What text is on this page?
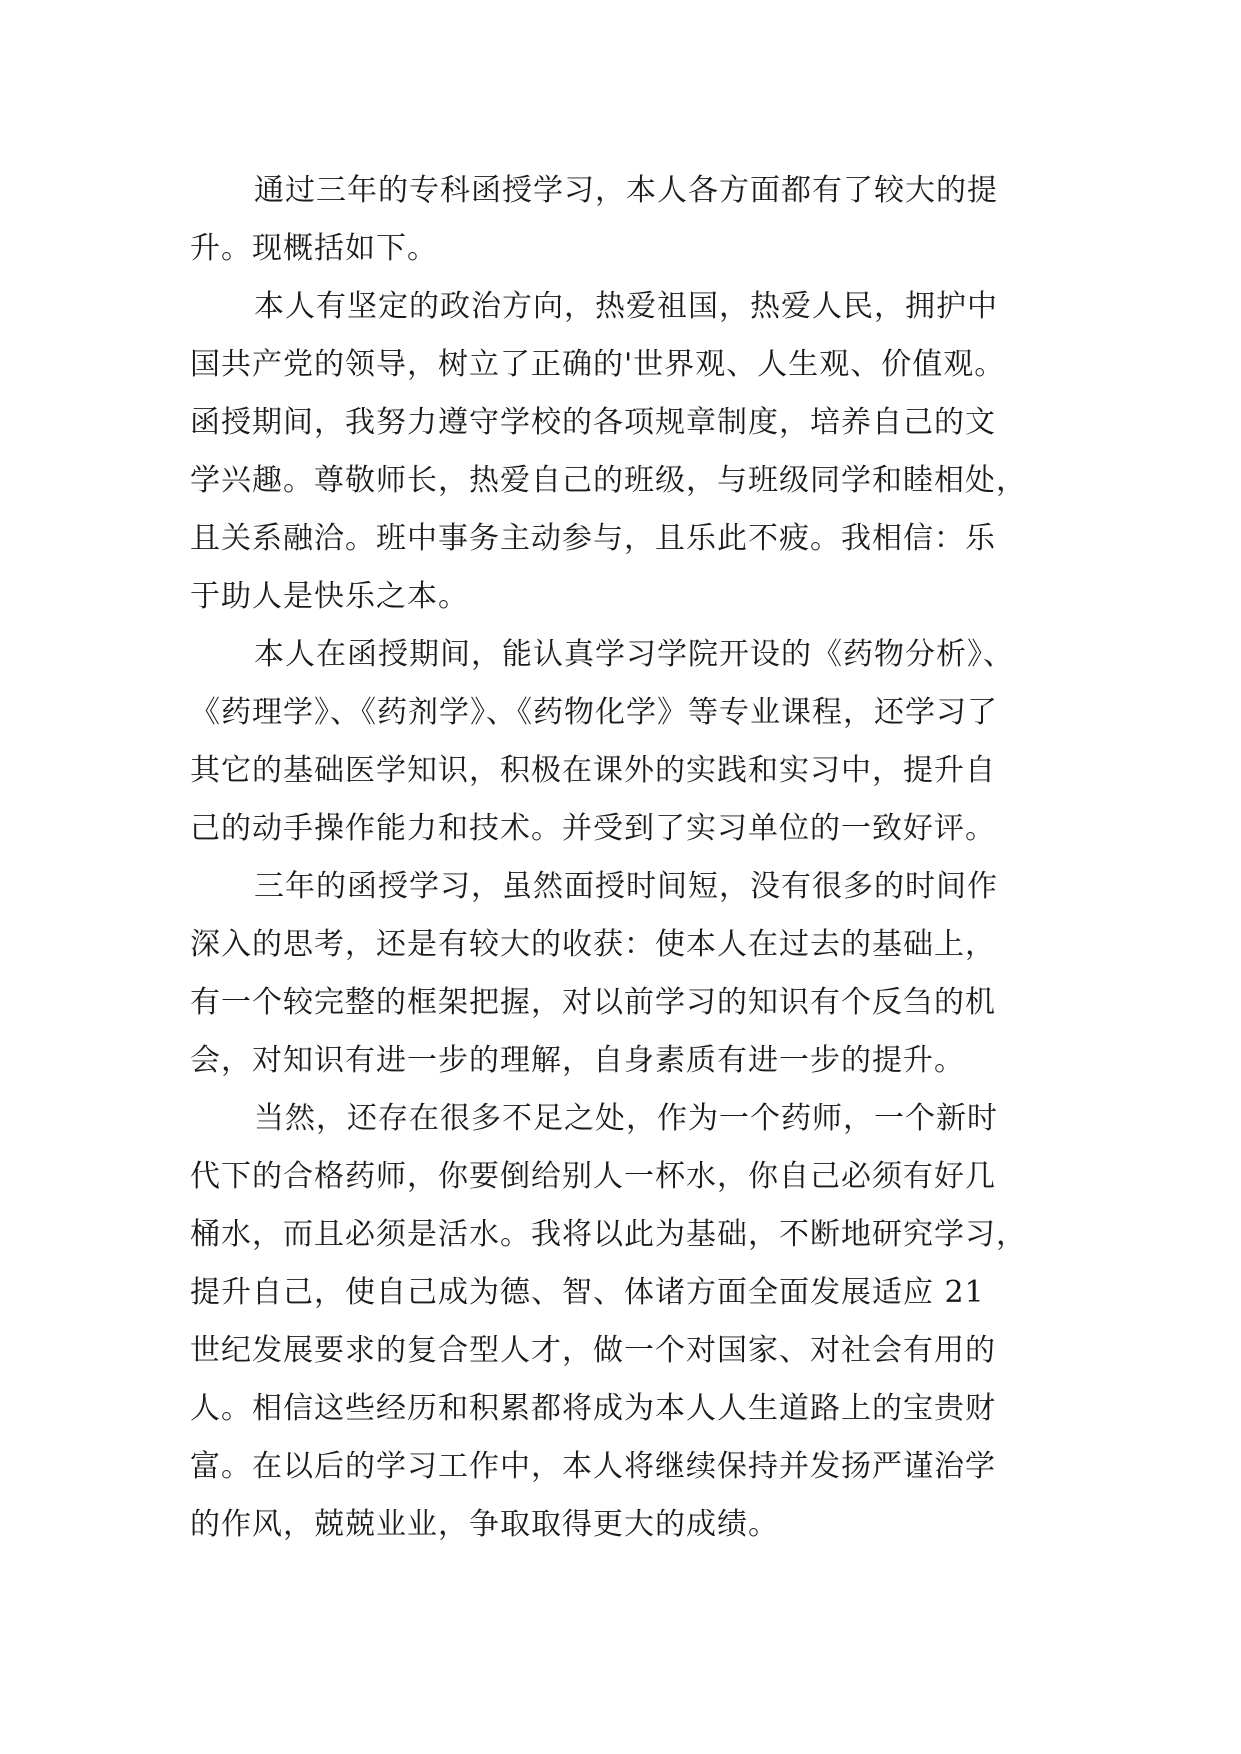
通过三年的专科函授学习，本人各方面都有了较大的提
升。现概括如下。
本人有坚定的政治方向，热爱祖国，热爱人民，拥护中
国共产党的领导，树立了正确的'世界观、人生观、价值观。
函授期间，我努力遵守学校的各项规章制度，培养自己的文
学兴趣。尊敬师长，热爱自己的班级，与班级同学和睦相处，
且关系融洽。班中事务主动参与，且乐此不疲。我相信：乐
于助人是快乐之本。
本人在函授期间，能认真学习学院开设的《药物分析》、
《药理学》、《药剂学》、《药物化学》等专业课程，还学习了
其它的基础医学知识，积极在课外的实践和实习中，提升自
己的动手操作能力和技术。并受到了实习单位的一致好评。
三年的函授学习，虽然面授时间短，没有很多的时间作
深入的思考，还是有较大的收获：使本人在过去的基础上，
有一个较完整的框架把握，对以前学习的知识有个反刍的机
会，对知识有进一步的理解，自身素质有进一步的提升。
当然，还存在很多不足之处，作为一个药师，一个新时
代下的合格药师，你要倒给别人一杯水，你自己必须有好几
桶水，而且必须是活水。我将以此为基础，不断地研究学习，
提升自己，使自己成为德、智、体诸方面全面发展适应 21
世纪发展要求的复合型人才，做一个对国家、对社会有用的
人。相信这些经历和积累都将成为本人人生道路上的宝贵财
富。在以后的学习工作中，本人将继续保持并发扬严谨治学
的作风，兢兢业业，争取取得更大的成绩。
